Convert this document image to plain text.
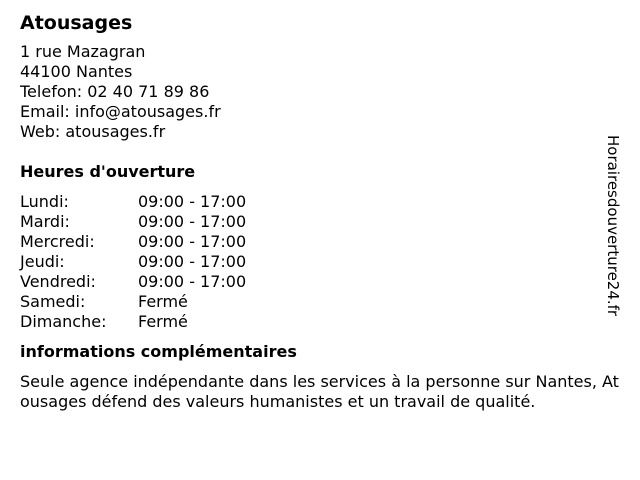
Atousages
1 rue Mazagran
44100 Nantes
Telefon: 02 40 71 89 86
Email: info@atousages.fr
Web: atousages.fr
Heures d'ouverture
Lundi:	09:00 - 17:00
Mardi:	09:00 - 17:00
Mercredi:	09:00 - 17:00
Jeudi:	09:00 - 17:00
Vendredi:	09:00 - 17:00
Samedi:	Fermé
Dimanche:	Fermé
informations complémentaires

Seule agence indépendante dans les services à la personne sur Nantes, Atousages défend des valeurs humanistes et un travail de qualité.

Horairesdouverture24.fr
